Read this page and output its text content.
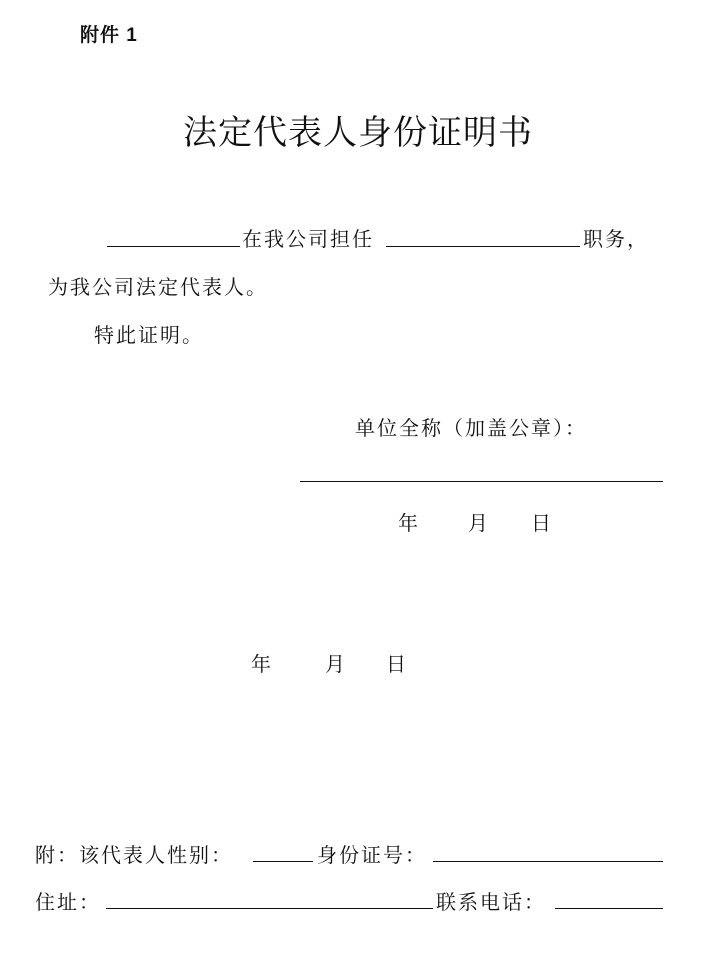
附件 1
法定代表人身份证明书
在我公司担任	职务，
为我公司法定代表人。
特此证明。
单位全称（加盖公章）：
年 月 日
年	月 日
附：该代表人性别：	身份证号：
住址：	联系电话：
